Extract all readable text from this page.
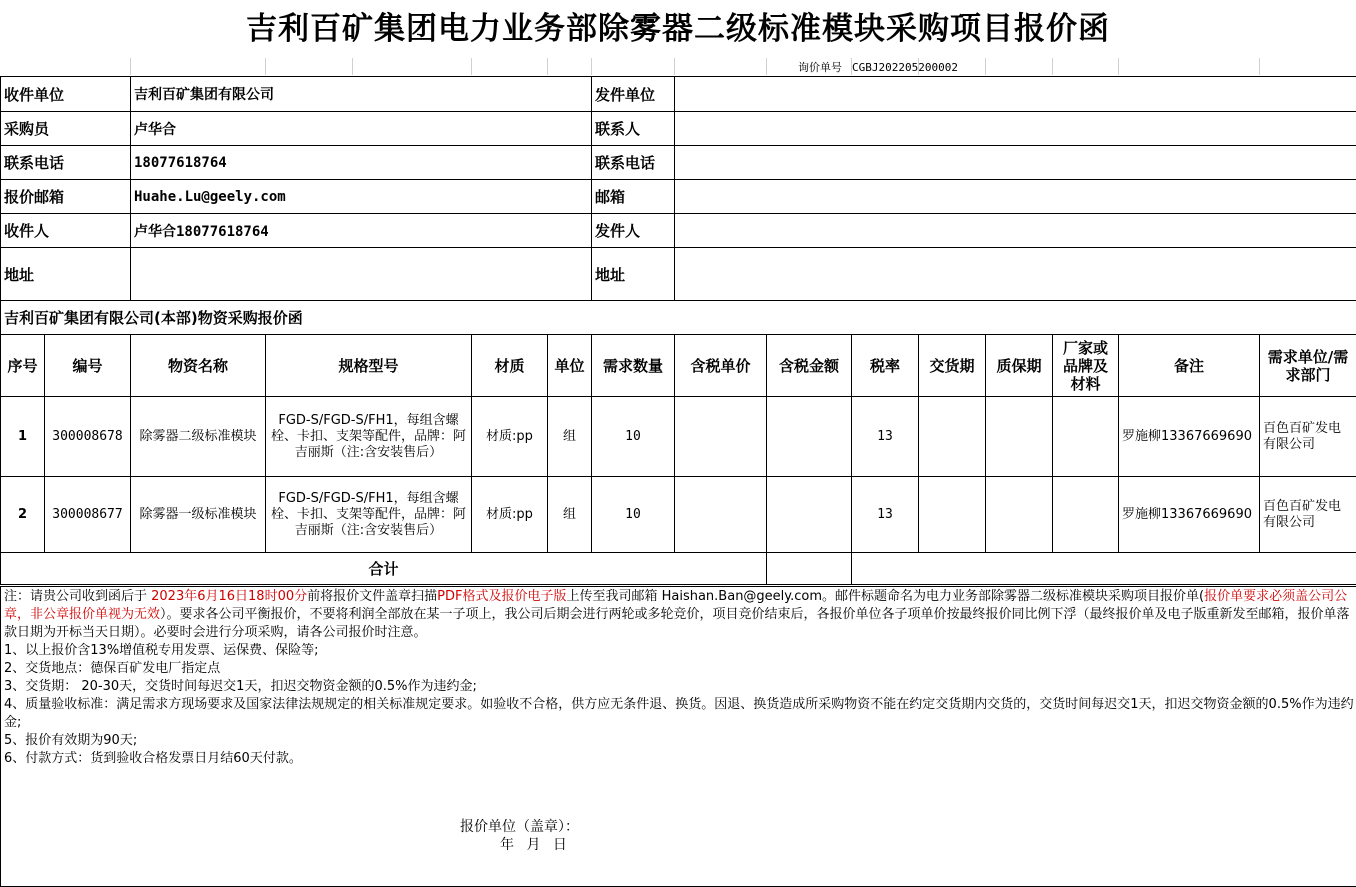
吉利百矿集团电力业务部除雾器二级标准模块采购项目报价函
询价单号 CGBJ202205200002
收件单位	吉利百矿集团有限公司	发件单位	
采购员	卢华合	联系人	
联系电话	18077618764	联系电话	
报价邮箱	Huahe.Lu@geely.com	邮箱	
收件人	卢华合18077618764	发件人	
地址		地址	
吉利百矿集团有限公司(本部)物资采购报价函			
序号	编号	物资名称	规格型号	材质	单位	需求数量	含税单价	含税金额	税率	交货期	质保期	厂家或品牌及材料	备注	需求单位/需求部门
1	300008678	除雾器二级标准模块	FGD-S/FGD-S/FH1，每组含螺栓、卡扣、支架等配件，品牌：阿吉丽斯（注:含安装售后）	材质:pp	组	10			13				罗施柳13367669690	百色百矿发电有限公司
2	300008677	除雾器一级标准模块	FGD-S/FGD-S/FH1，每组含螺栓、卡扣、支架等配件，品牌：阿吉丽斯（注:含安装售后）	材质:pp	组	10			13				罗施柳13367669690	百色百矿发电有限公司
合计														
注：请贵公司收到函后于 2023年6月16日18时00分前将报价文件盖章扫描PDF格式及报价电子版上传至我司邮箱 Haishan.Ban@geely.com。邮件标题命名为电力业务部除雾器二级标准模块采购项目报价单(报价单要求必须盖公司公章，非公章报价单视为无效）。要求各公司平衡报价，不要将利润全部放在某一子项上，我公司后期会进行两轮或多轮竞价，项目竞价结束后，各报价单位各子项单价按最终报价同比例下浮（最终报价单及电子版重新发至邮箱，报价单落款日期为开标当天日期）。必要时会进行分项采购，请各公司报价时注意。
1、以上报价含13%增值税专用发票、运保费、保险等;
2、交货地点：德保百矿发电厂指定点
3、交货期： 20-30天，交货时间每迟交1天，扣迟交物资金额的0.5%作为违约金;
4、质量验收标准：满足需求方现场要求及国家法律法规规定的相关标准规定要求。如验收不合格，供方应无条件退、换货。因退、换货造成所采购物资不能在约定交货期内交货的，交货时间每迟交1天，扣迟交物资金额的0.5%作为违约金;
5、报价有效期为90天;
6、付款方式：货到验收合格发票日月结60天付款。
报价单位（盖章）：
年 月 日
